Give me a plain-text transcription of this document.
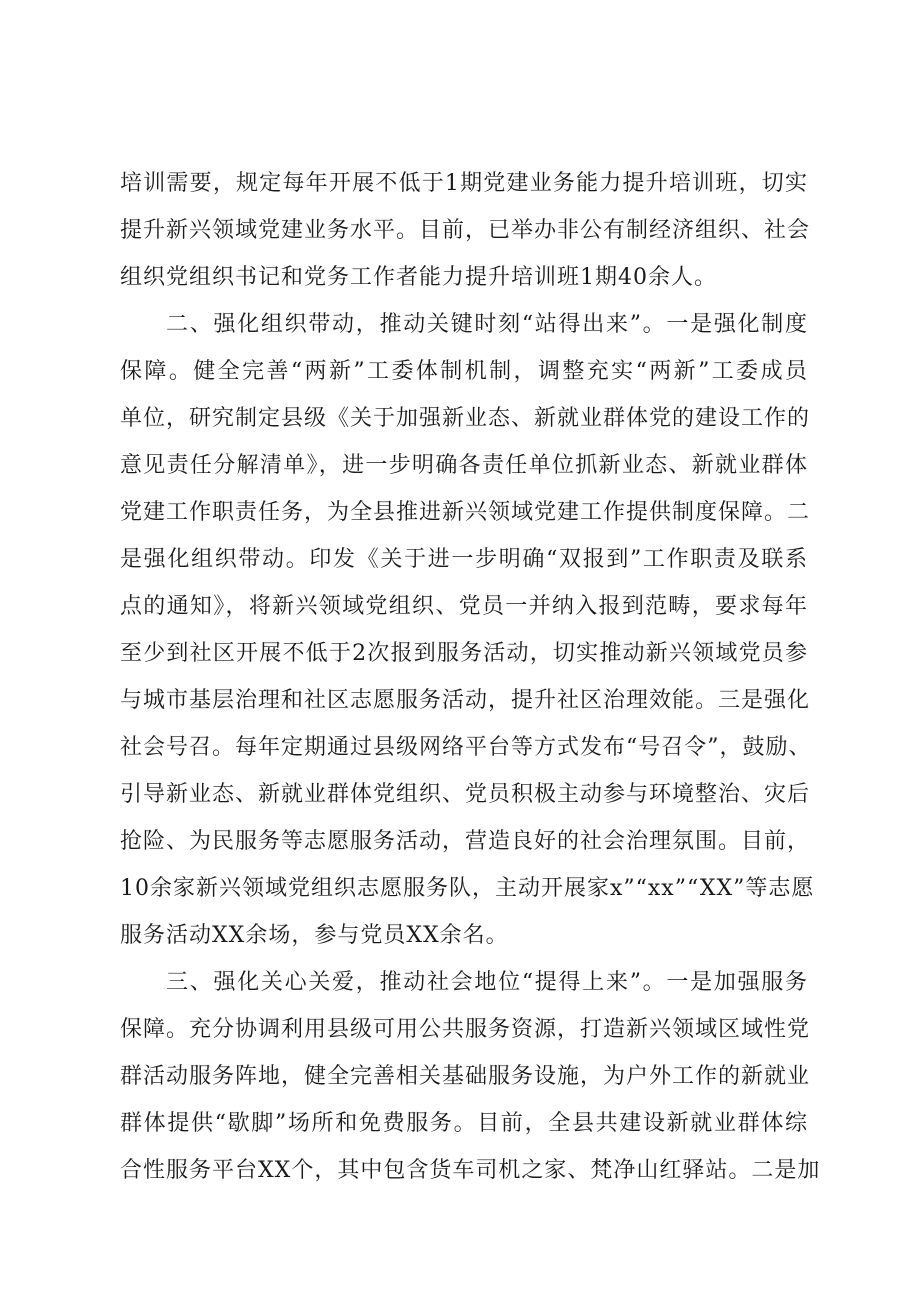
培训需要，规定每年开展不低于1期党建业务能力提升培训班，切实
提升新兴领域党建业务水平。目前，已举办非公有制经济组织、社会
组织党组织书记和党务工作者能力提升培训班1期40余人。
二、强化组织带动，推动关键时刻“站得出来”。一是强化制度
保障。健全完善“两新”工委体制机制，调整充实“两新”工委成员
单位，研究制定县级《关于加强新业态、新就业群体党的建设工作的
意见责任分解清单》，进一步明确各责任单位抓新业态、新就业群体
党建工作职责任务，为全县推进新兴领域党建工作提供制度保障。二
是强化组织带动。印发《关于进一步明确“双报到”工作职责及联系
点的通知》，将新兴领域党组织、党员一并纳入报到范畴，要求每年
至少到社区开展不低于2次报到服务活动，切实推动新兴领域党员参
与城市基层治理和社区志愿服务活动，提升社区治理效能。三是强化
社会号召。每年定期通过县级网络平台等方式发布“号召令”，鼓励、
引导新业态、新就业群体党组织、党员积极主动参与环境整治、灾后
抢险、为民服务等志愿服务活动，营造良好的社会治理氛围。目前，
10余家新兴领域党组织志愿服务队，主动开展家x”“xx”“XX”等志愿
服务活动XX余场，参与党员XX余名。
三、强化关心关爱，推动社会地位“提得上来”。一是加强服务
保障。充分协调利用县级可用公共服务资源，打造新兴领域区域性党
群活动服务阵地，健全完善相关基础服务设施，为户外工作的新就业
群体提供“歇脚”场所和免费服务。目前，全县共建设新就业群体综
合性服务平台XX个，其中包含货车司机之家、梵净山红驿站。二是加
